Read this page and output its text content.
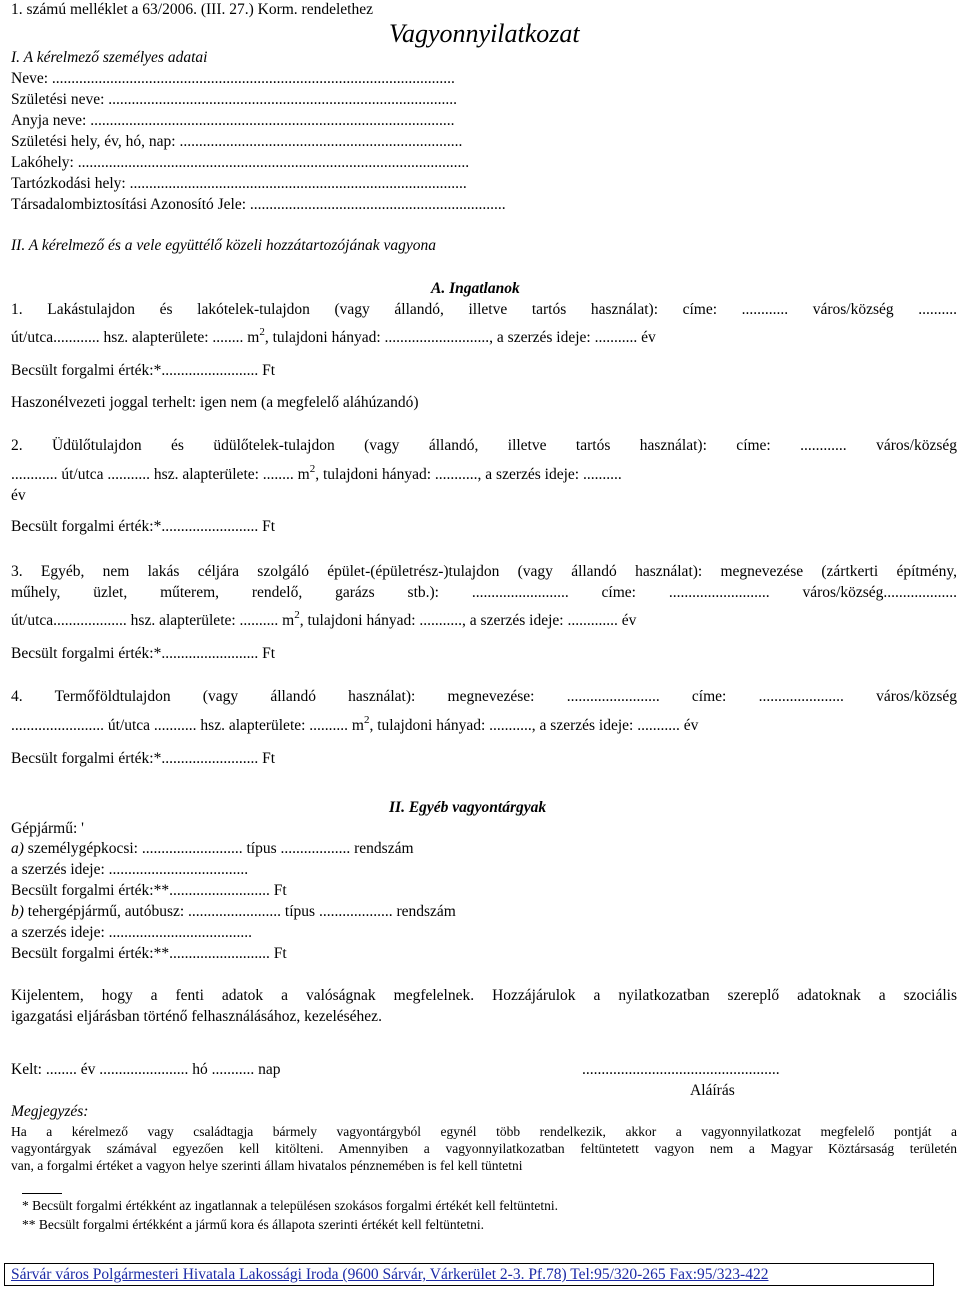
1. számú melléklet a 63/2006. (III. 27.) Korm. rendelethez
Vagyonnyilatkozat
I. A kérelmező személyes adatai
Neve: ........................................................................................................
Születési neve: ..........................................................................................
Anyja neve: ..............................................................................................
Születési hely, év, hó, nap: .........................................................................
Lakóhely: .....................................................................................................
Tartózkodási hely: .......................................................................................
Társadalombiztosítási Azonosító Jele: ..................................................................
II. A kérelmező és a vele együttélő közeli hozzátartozójának vagyona
A. Ingatlanok
1. Lakástulajdon és lakótelek-tulajdon (vagy állandó, illetve tartós használat): címe: ............ város/község ..........
út/utca............ hsz. alapterülete: ........ $m^2$, tulajdoni hányad: ..........................., a szerzés ideje: ........... év
Becsült forgalmi érték:*......................... Ft
Haszonélvezeti joggal terhelt: igen nem (a megfelelő aláhúzandó)
2. Üdülőtulajdon és üdülőtelek-tulajdon (vagy állandó, illetve tartós használat): címe: ............ város/község
............ út/utca ........... hsz. alapterülete: ........ $m^2$, tulajdoni hányad: ..........., a szerzés ideje: ..........
év
Becsült forgalmi érték:*......................... Ft
3. Egyéb, nem lakás céljára szolgáló épület-(épületrész-)tulajdon (vagy állandó használat): megnevezése (zártkerti építmény,
műhely, üzlet, műterem, rendelő, garázs stb.): ......................... címe: .......................... város/község...................
út/utca................... hsz. alapterülete: .......... $m^2$, tulajdoni hányad: ..........., a szerzés ideje: ............. év
Becsült forgalmi érték:*......................... Ft
4. Termőföldtulajdon (vagy állandó használat): megnevezése: ........................ címe: ...................... város/község
........................ út/utca ........... hsz. alapterülete: .......... $m^2$, tulajdoni hányad: ..........., a szerzés ideje: ........... év
Becsült forgalmi érték:*......................... Ft
II. Egyéb vagyontárgyak
Gépjármű: '
a) személygépkocsi: .......................... típus .................. rendszám
a szerzés ideje: ....................................
Becsült forgalmi érték:**.......................... Ft
b) tehergépjármű, autóbusz: ........................ típus ................... rendszám
a szerzés ideje: .....................................
Becsült forgalmi érték:**.......................... Ft
Kijelentem, hogy a fenti adatok a valóságnak megfelelnek. Hozzájárulok a nyilatkozatban szereplő adatoknak a szociális
igazgatási eljárásban történő felhasználásához, kezeléséhez.
Kelt: ........ év ....................... hó ........... nap	...................................................
Aláírás
Megjegyzés:
Ha a kérelmező vagy családtagja bármely vagyontárgyból egynél több rendelkezik, akkor a vagyonnyilatkozat megfelelő pontját a
vagyontárgyak számával egyezően kell kitölteni. Amennyiben a vagyonnyilatkozatban feltüntetett vagyon nem a Magyar Köztársaság területén
van, a forgalmi értéket a vagyon helye szerinti állam hivatalos pénznemében is fel kell tüntetni
* Becsült forgalmi értékként az ingatlannak a településen szokásos forgalmi értékét kell feltüntetni.
** Becsült forgalmi értékként a jármű kora és állapota szerinti értékét kell feltüntetni.
Sárvár város Polgármesteri Hivatala Lakossági Iroda (9600 Sárvár, Várkerület 2-3. Pf.78) Tel:95/320-265 Fax:95/323-422
